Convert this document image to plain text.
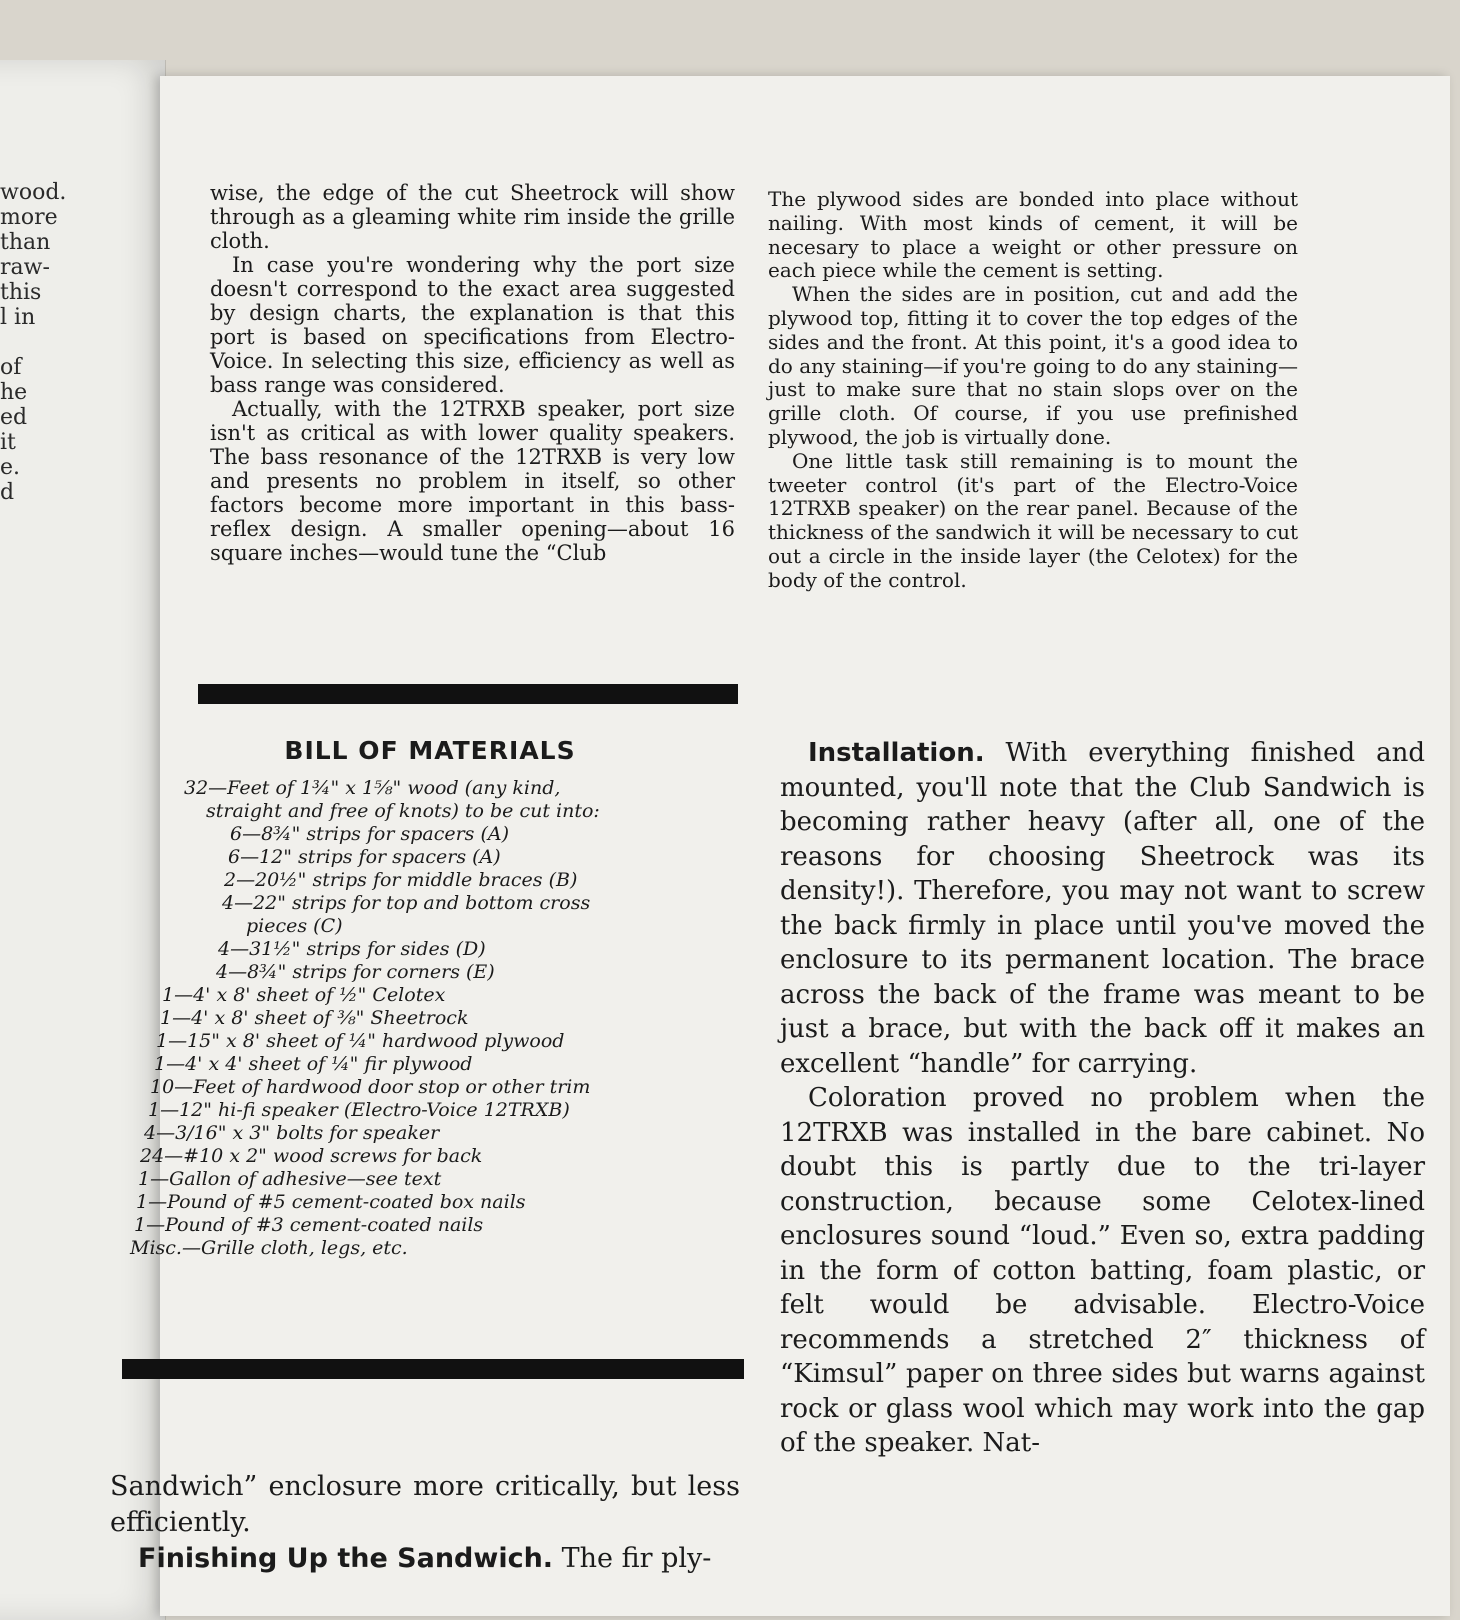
wood.
more
than
raw-
this
l in

of
he
ed
it
e.
d

wise, the edge of the cut Sheetrock will show through as a gleaming white rim inside the grille cloth.

In case you're wondering why the port size doesn't correspond to the exact area suggested by design charts, the explanation is that this port is based on specifications from Electro-Voice. In selecting this size, efficiency as well as bass range was considered.

Actually, with the 12TRXB speaker, port size isn't as critical as with lower quality speakers. The bass resonance of the 12TRXB is very low and presents no problem in itself, so other factors become more important in this bass-reflex design. A smaller opening—about 16 square inches—would tune the “Club

BILL OF MATERIALS
32—Feet of 1¾" x 1⅝" wood (any kind,
straight and free of knots) to be cut into:
6—8¾" strips for spacers (A)
6—12" strips for spacers (A)
2—20½" strips for middle braces (B)
4—22" strips for top and bottom cross
pieces (C)
4—31½" strips for sides (D)
4—8¾" strips for corners (E)
1—4' x 8' sheet of ½" Celotex
1—4' x 8' sheet of ⅜" Sheetrock
1—15" x 8' sheet of ¼" hardwood plywood
1—4' x 4' sheet of ¼" fir plywood
10—Feet of hardwood door stop or other trim
1—12" hi-fi speaker (Electro-Voice 12TRXB)
4—3/16" x 3" bolts for speaker
24—#10 x 2" wood screws for back
1—Gallon of adhesive—see text
1—Pound of #5 cement-coated box nails
1—Pound of #3 cement-coated nails
Misc.—Grille cloth, legs, etc.

Sandwich” enclosure more critically, but less efficiently.

Finishing Up the Sandwich. The fir ply-

The plywood sides are bonded into place without nailing. With most kinds of cement, it will be necesary to place a weight or other pressure on each piece while the cement is setting.

When the sides are in position, cut and add the plywood top, fitting it to cover the top edges of the sides and the front. At this point, it's a good idea to do any staining—if you're going to do any staining—just to make sure that no stain slops over on the grille cloth. Of course, if you use prefinished plywood, the job is virtually done.

One little task still remaining is to mount the tweeter control (it's part of the Electro-Voice 12TRXB speaker) on the rear panel. Because of the thickness of the sandwich it will be necessary to cut out a circle in the inside layer (the Celotex) for the body of the control.

Installation. With everything finished and mounted, you'll note that the Club Sandwich is becoming rather heavy (after all, one of the reasons for choosing Sheetrock was its density!). Therefore, you may not want to screw the back firmly in place until you've moved the enclosure to its permanent location. The brace across the back of the frame was meant to be just a brace, but with the back off it makes an excellent “handle” for carrying.

Coloration proved no problem when the 12TRXB was installed in the bare cabinet. No doubt this is partly due to the tri-layer construction, because some Celotex-lined enclosures sound “loud.” Even so, extra padding in the form of cotton batting, foam plastic, or felt would be advisable. Electro-Voice recommends a stretched 2″ thickness of “Kimsul” paper on three sides but warns against rock or glass wool which may work into the gap of the speaker. Nat-
